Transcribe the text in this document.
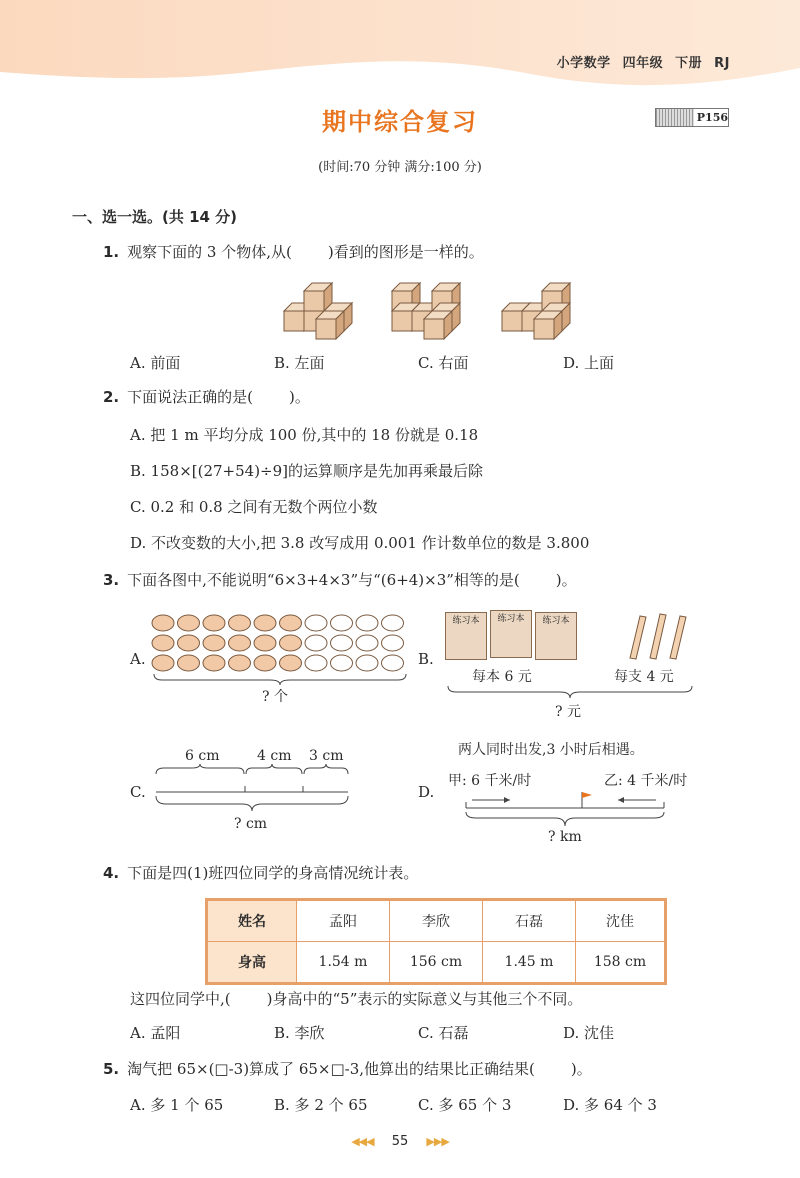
小学数学 四年级 下册 RJ
期中综合复习	P156
(时间:70 分钟 满分:100 分)
一、选一选。(共 14 分)
1. 观察下面的 3 个物体,从( )看到的图形是一样的。
A. 前面	B. 左面	C. 右面	D. 上面
2. 下面说法正确的是( )。
A. 把 1 m 平均分成 100 份,其中的 18 份就是 0.18
B. 158×[(27+54)÷9]的运算顺序是先加再乘最后除
C. 0.2 和 0.8 之间有无数个两位小数
D. 不改变数的大小,把 3.8 改写成用 0.001 作计数单位的数是 3.800
3. 下面各图中,不能说明“6×3+4×3”与“(6+4)×3”相等的是( )。
A.
? 个
B.
练习本	练习本	练习本
每本 6 元	每支 4 元
? 元
C.
6 cm	4 cm 3 cm
? cm
D.
两人同时出发,3 小时后相遇。
甲: 6 千米/时	乙: 4 千米/时
? km
4. 下面是四(1)班四位同学的身高情况统计表。
姓名	孟阳	李欣	石磊	沈佳
身高	1.54 m	156 cm	1.45 m	158 cm
这四位同学中,( )身高中的“5”表示的实际意义与其他三个不同。
A. 孟阳	B. 李欣	C. 石磊	D. 沈佳
5. 淘气把 65×(□-3)算成了 65×□-3,他算出的结果比正确结果( )。
A. 多 1 个 65	B. 多 2 个 65	C. 多 65 个 3	D. 多 64 个 3
◀◀◀ 55 ▶▶▶
